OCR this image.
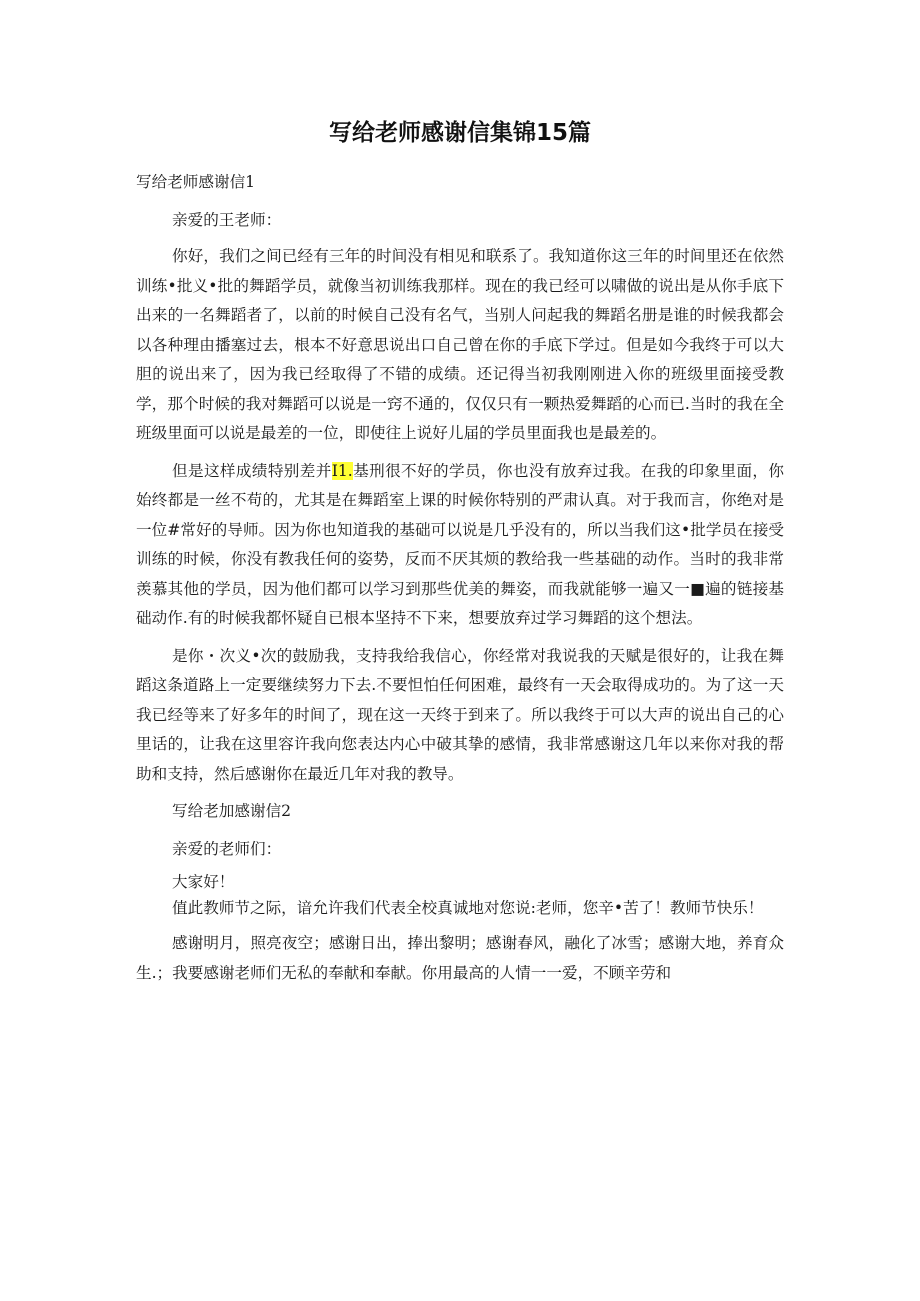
写给老师感谢信集锦15篇
写给老师感谢信1
亲爱的王老师：

你好，我们之间已经有三年的时间没有相见和联系了。我知道你这三年的时间里还在依然训练•批义•批的舞蹈学员，就像当初训练我那样。现在的我已经可以啸做的说出是从你手底下出来的一名舞蹈者了，以前的时候自己没有名气，当别人问起我的舞蹈名册是谁的时候我都会以各种理由播塞过去，根本不好意思说出口自己曾在你的手底下学过。但是如今我终于可以大胆的说出来了，因为我已经取得了不错的成绩。还记得当初我刚刚进入你的班级里面接受教学，那个时候的我对舞蹈可以说是一窍不通的，仅仅只有一颗热爱舞蹈的心而已.当时的我在全班级里面可以说是最差的一位，即使往上说好儿届的学员里面我也是最差的。

但是这样成绩特别差并I1.基刑很不好的学员，你也没有放弃过我。在我的印象里面，你始终都是一丝不苟的，尤其是在舞蹈室上课的时候你特别的严肃认真。对于我而言，你绝对是一位#常好的导师。因为你也知道我的基础可以说是几乎没有的，所以当我们这•批学员在接受训练的时候，你没有教我任何的姿势，反而不厌其烦的教给我一些基础的动作。当时的我非常羡慕其他的学员，因为他们都可以学习到那些优美的舞姿，而我就能够一遍又一■遍的链接基础动作.有的时候我都怀疑自已根本坚持不下来，想要放弃过学习舞蹈的这个想法。

是你・次义•次的鼓励我，支持我给我信心，你经常对我说我的天赋是很好的，让我在舞蹈这条道路上一定要继续努力下去.不要怛怕任何困难，最终有一天会取得成功的。为了这一天我已经等来了好多年的时间了，现在这一天终于到来了。所以我终于可以大声的说出自己的心里话的，让我在这里容许我向您表达内心中破其挚的感情，我非常感谢这几年以来你对我的帮助和支持，然后感谢你在最近几年对我的教导。

写给老加感谢信2
亲爱的老师们：

大家好！

值此教师节之际，谙允许我们代表全校真诚地对您说:老师，您辛•苦了！教师节快乐！

感谢明月，照亮夜空；感谢日出，捧出黎明；感谢春风，融化了冰雪；感谢大地，养育众生.；我要感谢老师们无私的奉献和奉献。你用最高的人情一一爱，不顾辛劳和
